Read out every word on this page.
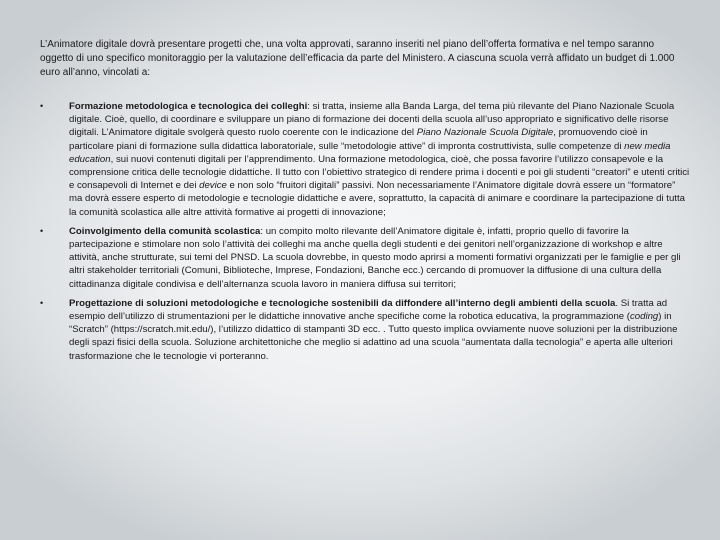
L’Animatore digitale dovrà presentare progetti che, una volta approvati, saranno inseriti nel piano dell’offerta formativa e nel tempo saranno oggetto di uno specifico monitoraggio per la valutazione dell’efficacia da parte del Ministero. A ciascuna scuola verrà affidato un budget di 1.000 euro all’anno, vincolati a:

•	Formazione metodologica e tecnologica dei colleghi: si tratta, insieme alla Banda Larga, del tema più rilevante del Piano Nazionale Scuola digitale. Cioè, quello, di coordinare e sviluppare un piano di formazione dei docenti della scuola all’uso appropriato e significativo delle risorse digitali. L’Animatore digitale svolgerà questo ruolo coerente con le indicazione del Piano Nazionale Scuola Digitale, promuovendo cioè in particolare piani di formazione sulla didattica laboratoriale, sulle “metodologie attive” di impronta costruttivista, sulle competenze di new media education, sui nuovi contenuti digitali per l’apprendimento. Una formazione metodologica, cioè, che possa favorire l’utilizzo consapevole e la comprensione critica delle tecnologie didattiche. Il tutto con l’obiettivo strategico di rendere prima i docenti e poi gli studenti “creatori” e utenti critici e consapevoli di Internet e dei device e non solo “fruitori digitali” passivi. Non necessariamente l’Animatore digitale dovrà essere un “formatore” ma dovrà essere esperto di metodologie e tecnologie didattiche e avere, soprattutto, la capacità di animare e coordinare la partecipazione di tutta la comunità scolastica alle altre attività formative ai progetti di innovazione;
•	Coinvolgimento della comunità scolastica: un compito molto rilevante dell’Animatore digitale è, infatti, proprio quello di favorire la partecipazione e stimolare non solo l’attività dei colleghi ma anche quella degli studenti e dei genitori nell’organizzazione di workshop e altre attività, anche strutturate, sui temi del PNSD. La scuola dovrebbe, in questo modo aprirsi a momenti formativi organizzati per le famiglie e per gli altri stakeholder territoriali (Comuni, Biblioteche, Imprese, Fondazioni, Banche ecc.) cercando di promuover la diffusione di una cultura della cittadinanza digitale condivisa e dell’alternanza scuola lavoro in maniera diffusa sui territori;
•	Progettazione di soluzioni metodologiche e tecnologiche sostenibili da diffondere all’interno degli ambienti della scuola. Si tratta ad esempio dell’utilizzo di strumentazioni per le didattiche innovative anche specifiche come la robotica educativa, la programmazione (coding) in “Scratch” (https://scratch.mit.edu/), l’utilizzo didattico di stampanti 3D ecc. . Tutto questo implica ovviamente nuove soluzioni per la distribuzione degli spazi fisici della scuola. Soluzione architettoniche che meglio si adattino ad una scuola “aumentata dalla tecnologia” e aperta alle ulteriori trasformazione che le tecnologie vi porteranno.
